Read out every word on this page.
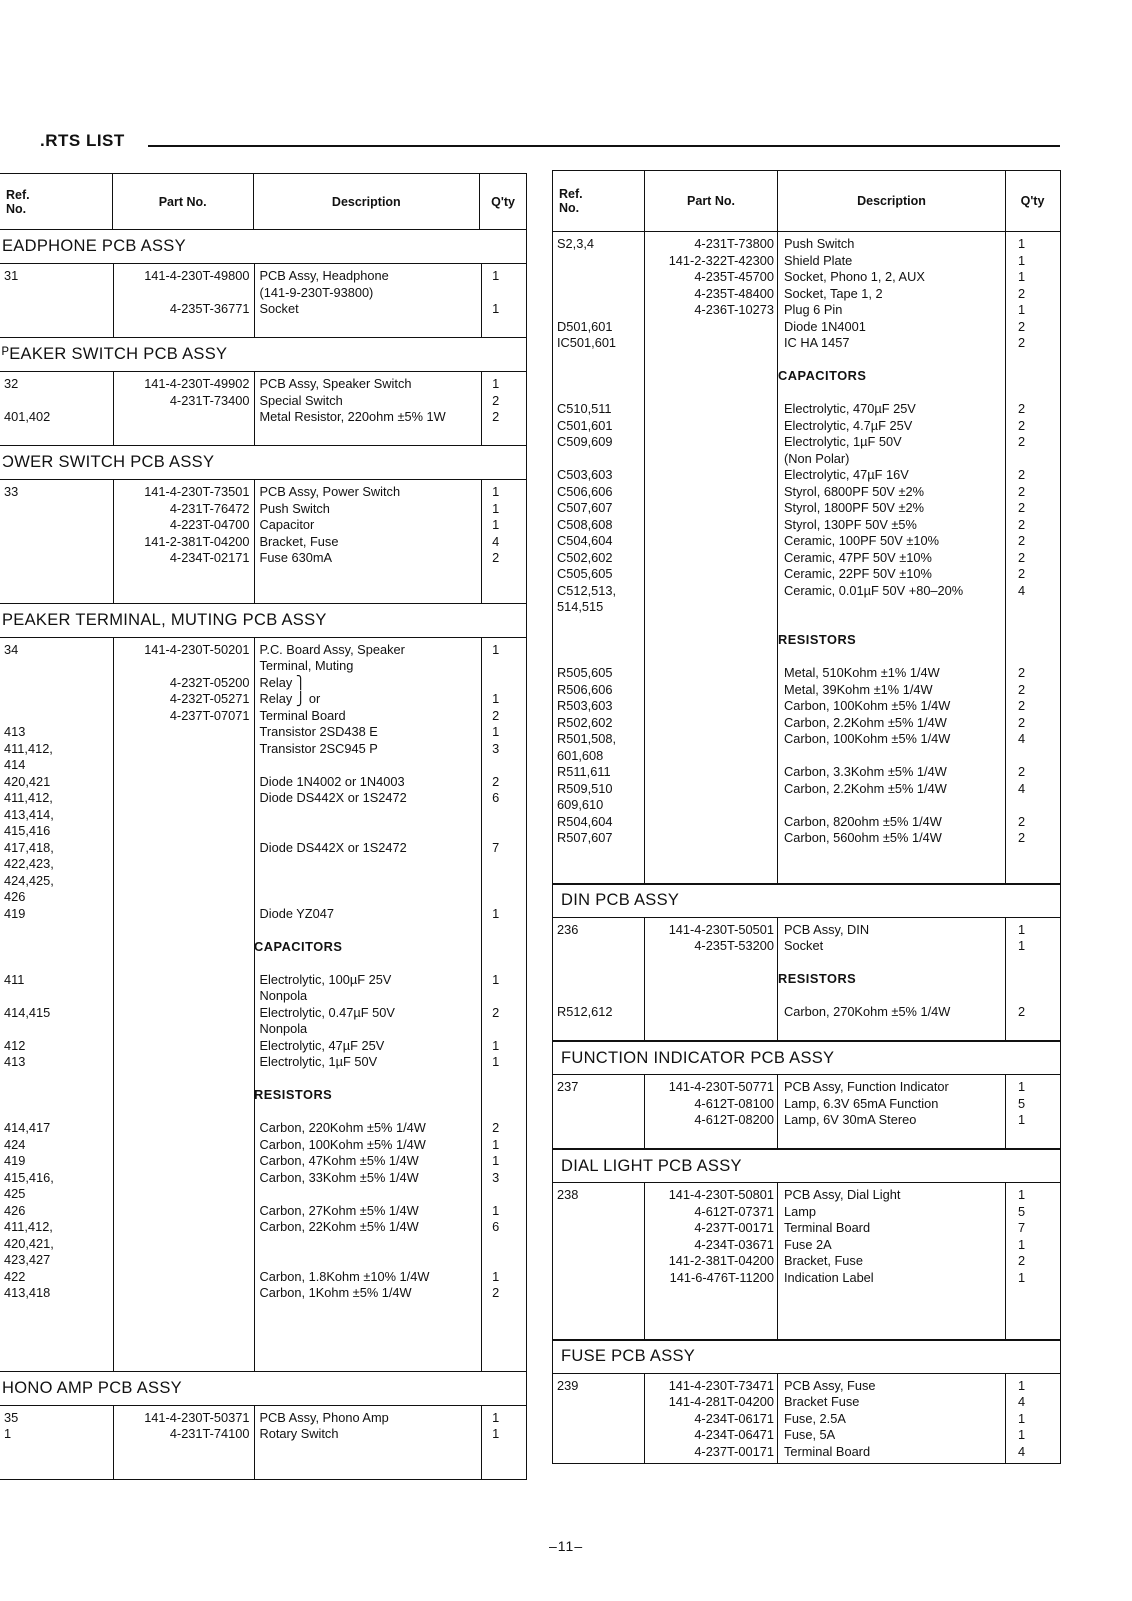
.RTS LIST
Ref.
No.	Part No.	Description	Q'ty
EADPHONE PCB ASSY
31	141-4-230T-49800 PCB Assy, Headphone	1
(141-9-230T-93800)
4-235T-36771 Socket	1
ᴾEAKER SWITCH PCB ASSY
32	141-4-230T-49902 PCB Assy, Speaker Switch	1
4-231T-73400 Special Switch	2
401,402	Metal Resistor, 220ohm ±5% 1W	2
ƆWER SWITCH PCB ASSY
33	141-4-230T-73501 PCB Assy, Power Switch	1
4-231T-76472 Push Switch	1
4-223T-04700 Capacitor	1
141-2-381T-04200 Bracket, Fuse	4
4-234T-02171 Fuse 630mA	2
PEAKER TERMINAL, MUTING PCB ASSY
34	141-4-230T-50201 P.C. Board Assy, Speaker	1
Terminal, Muting
4-232T-05200 Relay ⎫
4-232T-05271 Relay ⎭ or	1
4-237T-07071 Terminal Board	2
413	Transistor 2SD438 E	1
411,412,	Transistor 2SC945 P	3
414
420,421	Diode 1N4002 or 1N4003	2
411,412,	Diode DS442X or 1S2472	6
413,414,
415,416
417,418,	Diode DS442X or 1S2472	7
422,423,
424,425,
426
419	Diode YZ047	1
CAPACITORS
411	Electrolytic, 100µF 25V	1
Nonpola
414,415	Electrolytic, 0.47µF 50V	2
Nonpola
412	Electrolytic, 47µF 25V	1
413	Electrolytic, 1µF 50V	1
RESISTORS
414,417	Carbon, 220Kohm ±5% 1/4W	2
424	Carbon, 100Kohm ±5% 1/4W	1
419	Carbon, 47Kohm ±5% 1/4W	1
415,416,	Carbon, 33Kohm ±5% 1/4W	3
425
426	Carbon, 27Kohm ±5% 1/4W	1
411,412,	Carbon, 22Kohm ±5% 1/4W	6
420,421,
423,427
422	Carbon, 1.8Kohm ±10% 1/4W	1
413,418	Carbon, 1Kohm ±5% 1/4W	2
HONO AMP PCB ASSY
35	141-4-230T-50371 PCB Assy, Phono Amp	1
1	4-231T-74100 Rotary Switch	1
Ref.
No.	Part No.	Description	Q'ty
S2,3,4	4-231T-73800 Push Switch	1
141-2-322T-42300 Shield Plate	1
4-235T-45700 Socket, Phono 1, 2, AUX	1
4-235T-48400 Socket, Tape 1, 2	2
4-236T-10273 Plug 6 Pin	1
D501,601	Diode 1N4001	2
IC501,601	IC HA 1457	2
CAPACITORS
C510,511	Electrolytic, 470µF 25V	2
C501,601	Electrolytic, 4.7µF 25V	2
C509,609	Electrolytic, 1µF 50V	2
(Non Polar)
C503,603	Electrolytic, 47µF 16V	2
C506,606	Styrol, 6800PF 50V ±2%	2
C507,607	Styrol, 1800PF 50V ±2%	2
C508,608	Styrol, 130PF 50V ±5%	2
C504,604	Ceramic, 100PF 50V ±10%	2
C502,602	Ceramic, 47PF 50V ±10%	2
C505,605	Ceramic, 22PF 50V ±10%	2
C512,513,	Ceramic, 0.01µF 50V +80–20%	4
514,515
RESISTORS
R505,605	Metal, 510Kohm ±1% 1/4W	2
R506,606	Metal, 39Kohm ±1% 1/4W	2
R503,603	Carbon, 100Kohm ±5% 1/4W	2
R502,602	Carbon, 2.2Kohm ±5% 1/4W	2
R501,508,	Carbon, 100Kohm ±5% 1/4W	4
601,608
R511,611	Carbon, 3.3Kohm ±5% 1/4W	2
R509,510	Carbon, 2.2Kohm ±5% 1/4W	4
609,610
R504,604	Carbon, 820ohm ±5% 1/4W	2
R507,607	Carbon, 560ohm ±5% 1/4W	2
DIN PCB ASSY
236	141-4-230T-50501 PCB Assy, DIN	1
4-235T-53200 Socket	1
RESISTORS
R512,612	Carbon, 270Kohm ±5% 1/4W	2
FUNCTION INDICATOR PCB ASSY
237	141-4-230T-50771 PCB Assy, Function Indicator	1
4-612T-08100 Lamp, 6.3V 65mA Function	5
4-612T-08200 Lamp, 6V 30mA Stereo	1
DIAL LIGHT PCB ASSY
238	141-4-230T-50801 PCB Assy, Dial Light	1
4-612T-07371 Lamp	5
4-237T-00171 Terminal Board	7
4-234T-03671 Fuse 2A	1
141-2-381T-04200 Bracket, Fuse	2
141-6-476T-11200 Indication Label	1
FUSE PCB ASSY
239	141-4-230T-73471 PCB Assy, Fuse	1
141-4-281T-04200 Bracket Fuse	4
4-234T-06171 Fuse, 2.5A	1
4-234T-06471 Fuse, 5A	1
4-237T-00171 Terminal Board	4
–11–
